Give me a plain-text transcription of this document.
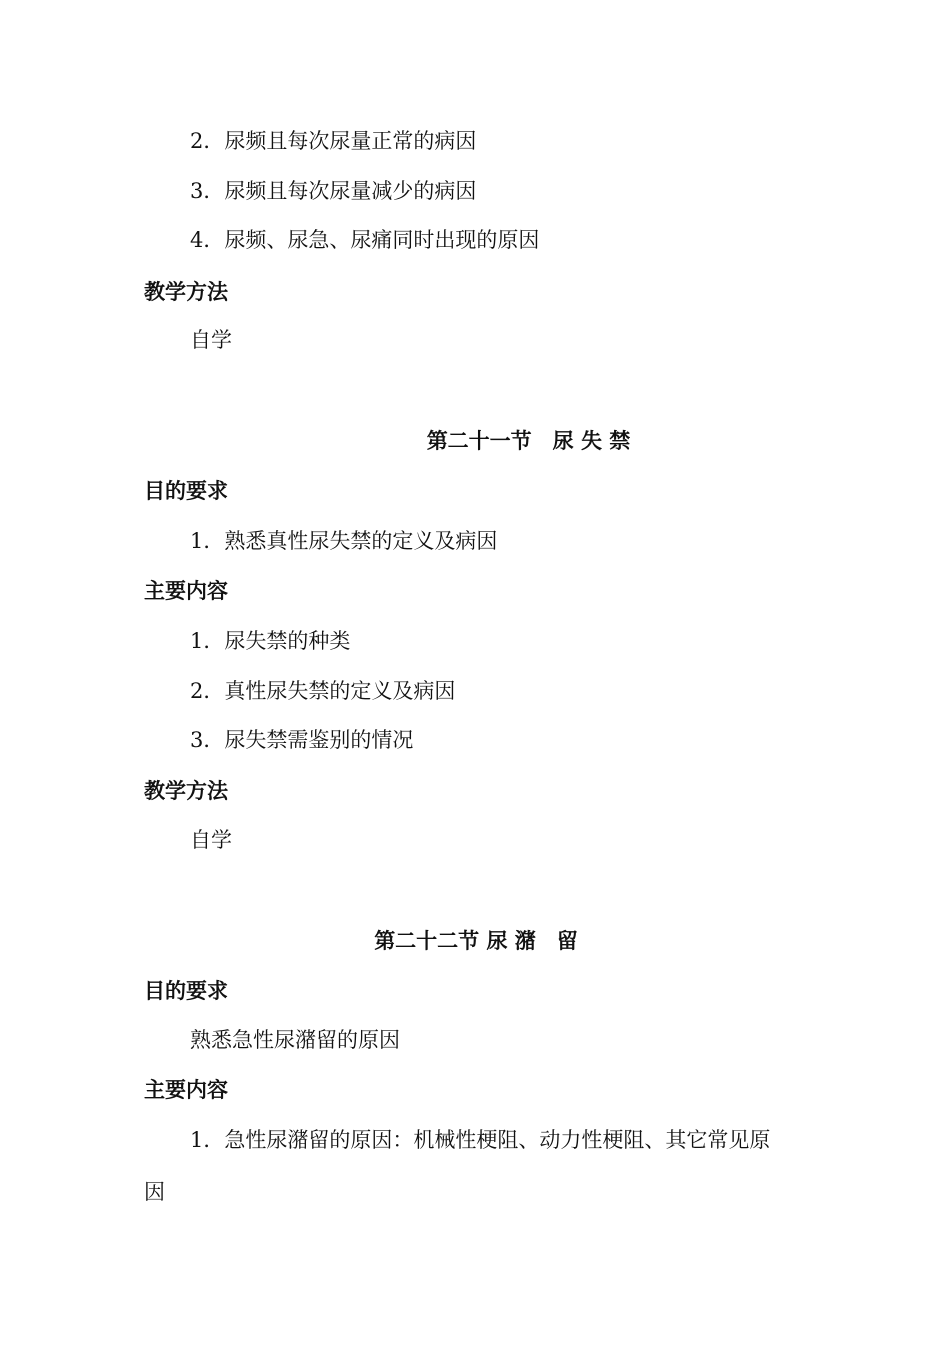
2．尿频且每次尿量正常的病因
3．尿频且每次尿量减少的病因
4．尿频、尿急、尿痛同时出现的原因
教学方法
自学
第二十一节　尿 失 禁
目的要求
1．熟悉真性尿失禁的定义及病因
主要内容
1．尿失禁的种类
2．真性尿失禁的定义及病因
3．尿失禁需鉴别的情况
教学方法
自学
第二十二节 尿 潴　留
目的要求
熟悉急性尿潴留的原因
主要内容
1．急性尿潴留的原因：机械性梗阻、动力性梗阻、其它常见原
因
